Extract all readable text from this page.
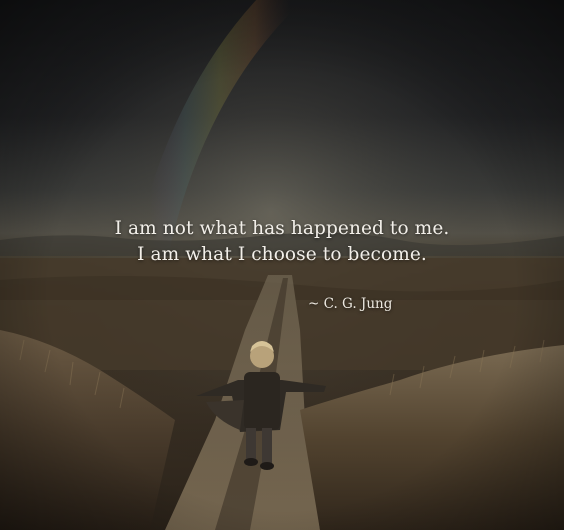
I am not what has happened to me.
I am what I choose to become.
~ C. G. Jung
